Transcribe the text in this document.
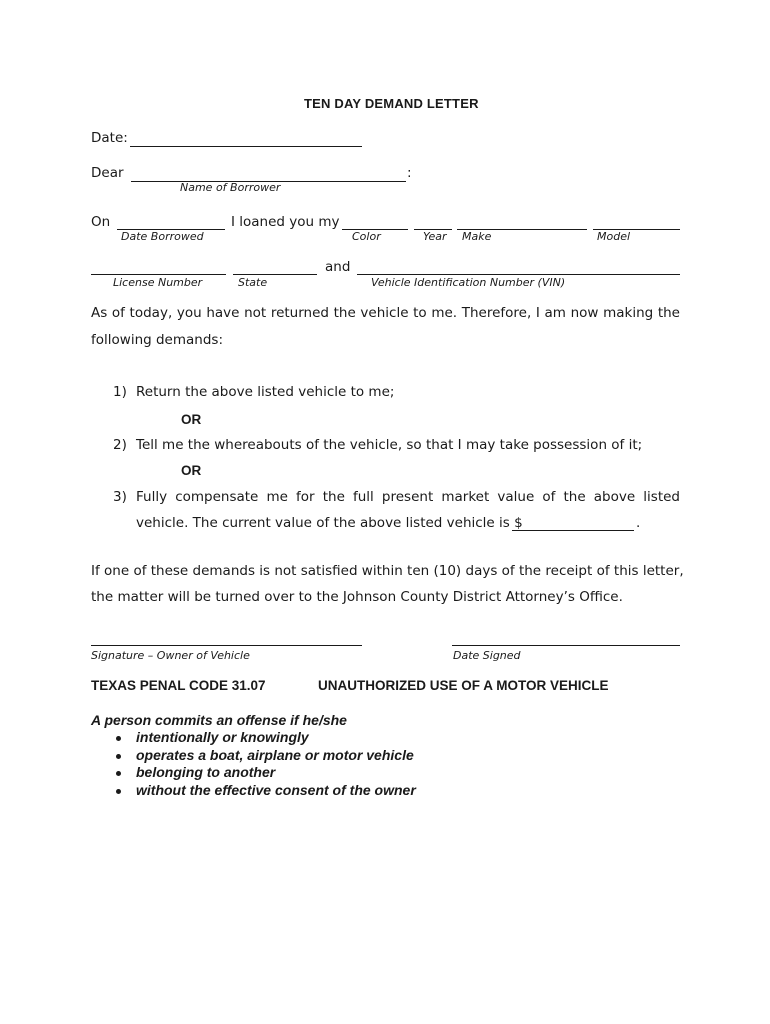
TEN DAY DEMAND LETTER
Date:
Dear	:
Name of Borrower
On	I loaned you my
Date Borrowed	Color	Year Make	Model
and
License Number	State	Vehicle Identification Number (VIN)
As of today, you have not returned the vehicle to me. Therefore, I am now making the
following demands:
1) Return the above listed vehicle to me;
OR
2) Tell me the whereabouts of the vehicle, so that I may take possession of it;
OR
3) Fully compensate me for the full present market value of the above listed
vehicle. The current value of the above listed vehicle is $	.
If one of these demands is not satisfied within ten (10) days of the receipt of this letter,
the matter will be turned over to the Johnson County District Attorney’s Office.
Signature – Owner of Vehicle	Date Signed
TEXAS PENAL CODE 31.07	UNAUTHORIZED USE OF A MOTOR VEHICLE
A person commits an offense if he/she
intentionally or knowingly
operates a boat, airplane or motor vehicle
belonging to another
without the effective consent of the owner
